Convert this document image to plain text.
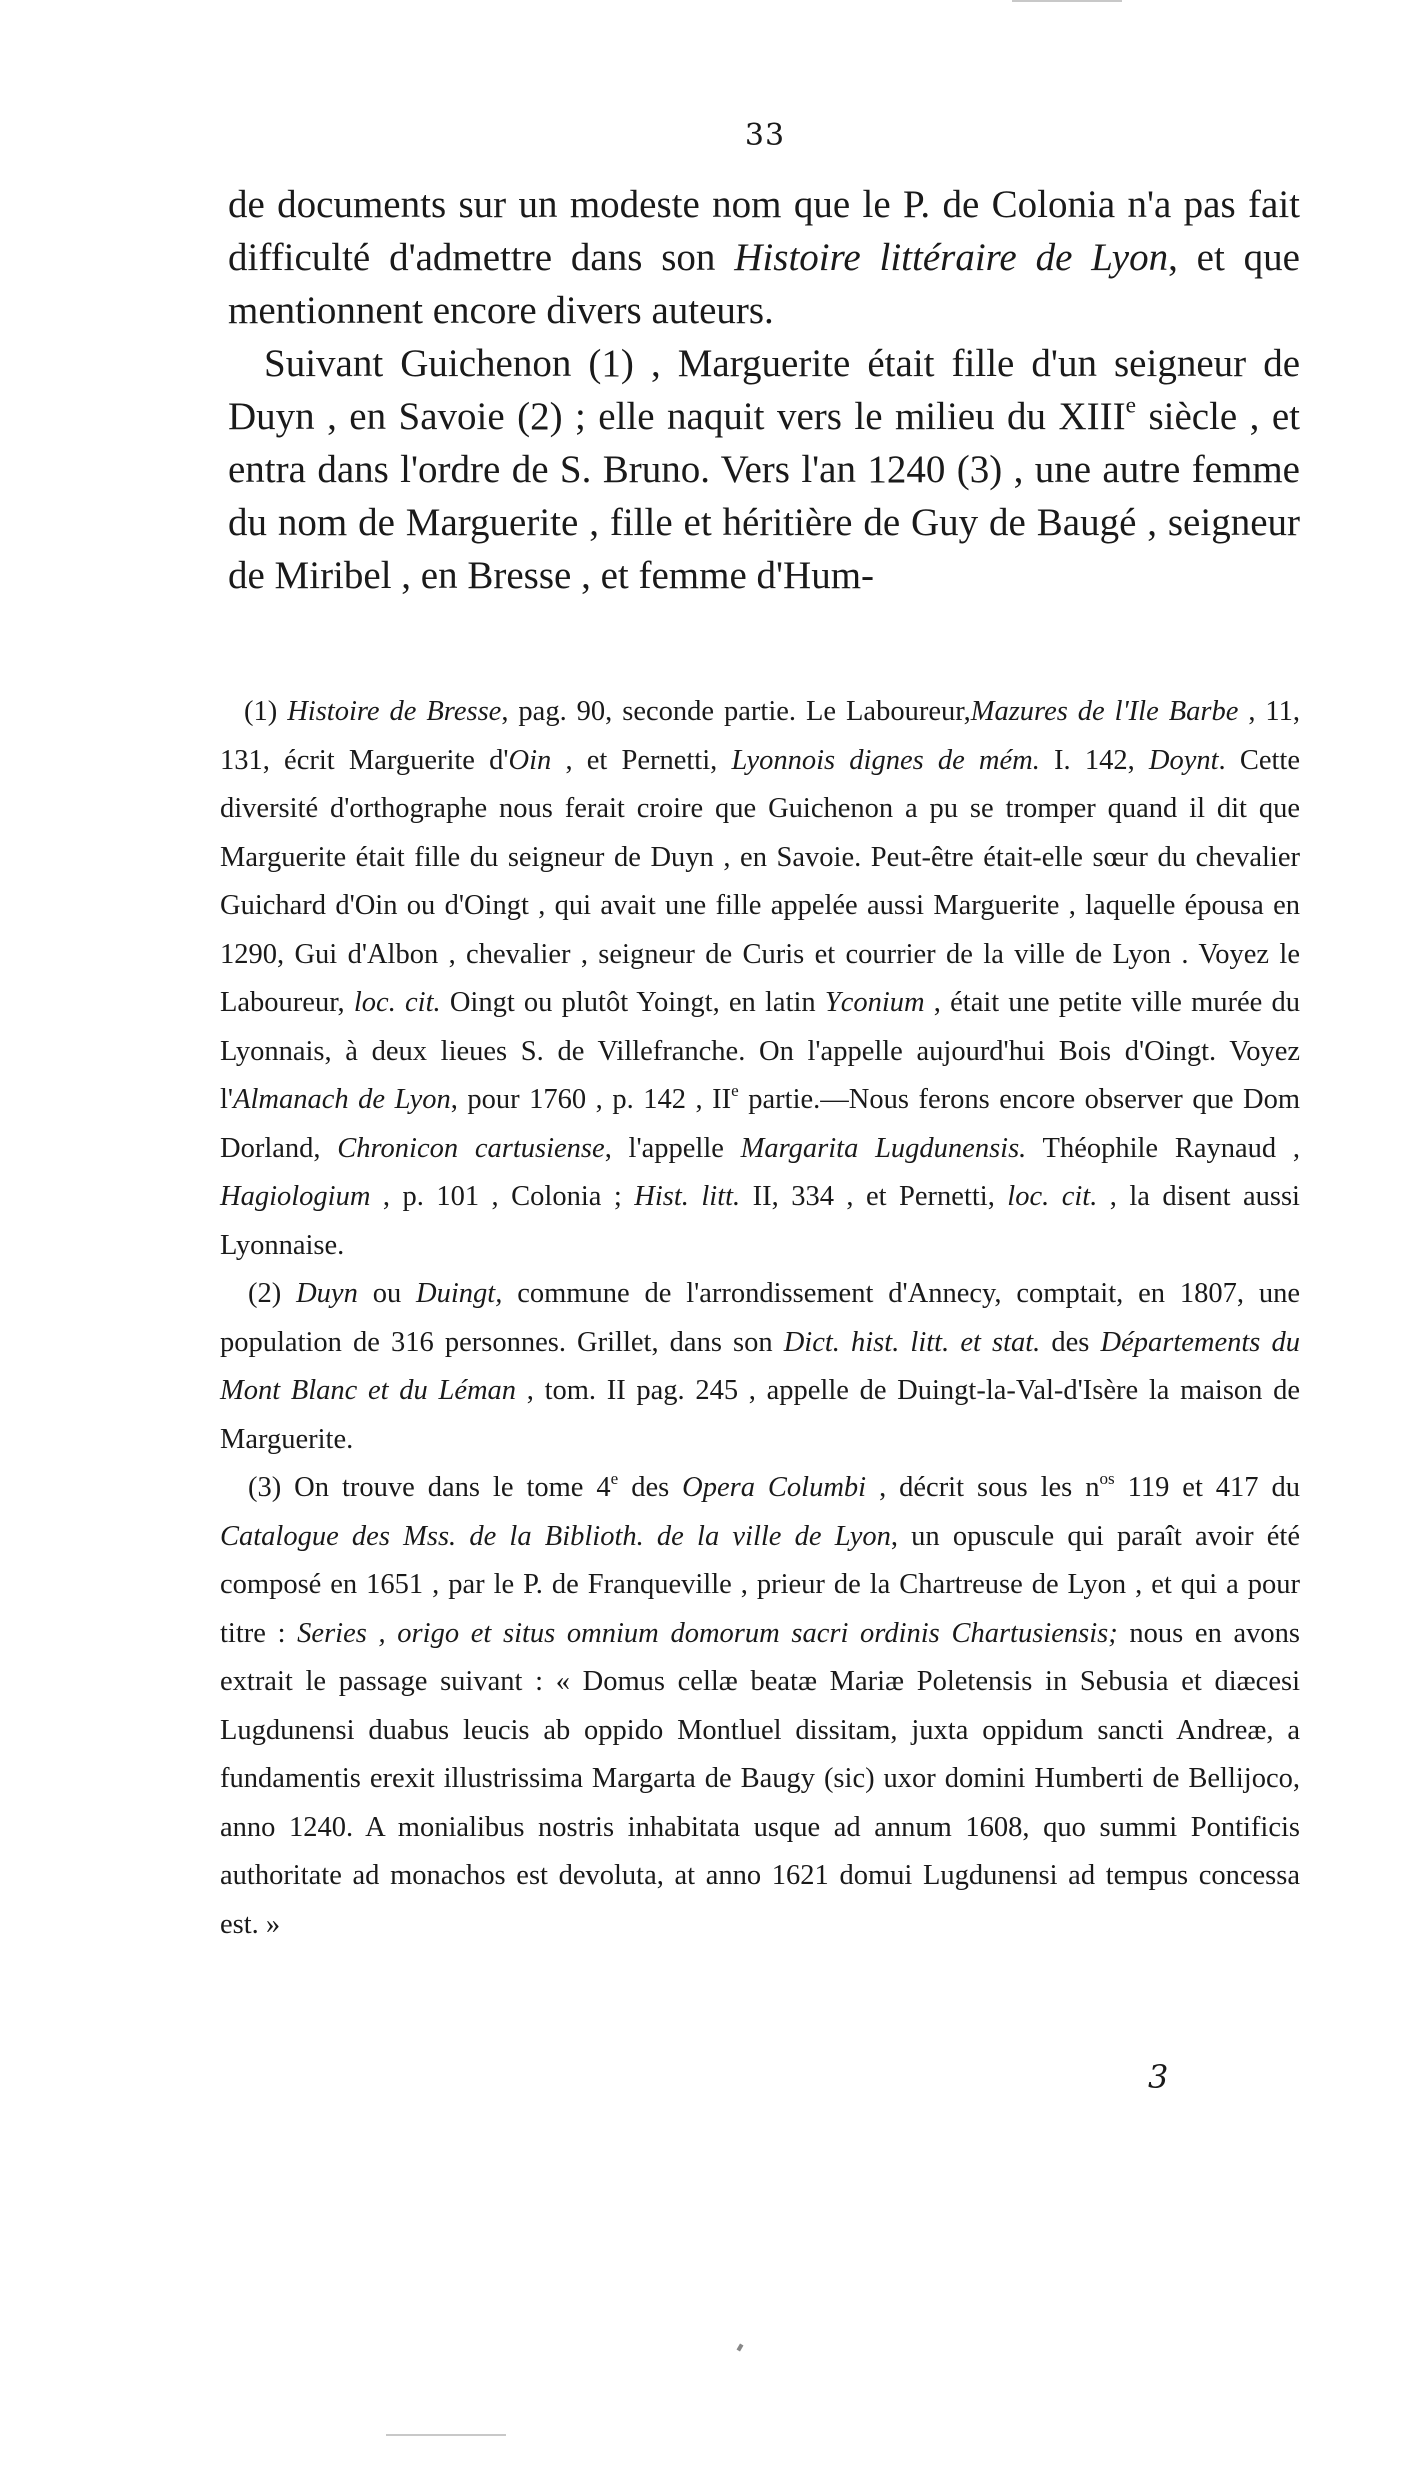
33

de documents sur un modeste nom que le P. de Colonia n'a pas fait difficulté d'admettre dans son Histoire littéraire de Lyon, et que mentionnent encore divers auteurs.

Suivant Guichenon (1) , Marguerite était fille d'un seigneur de Duyn , en Savoie (2) ; elle naquit vers le milieu du XIIIe siècle , et entra dans l'ordre de S. Bruno. Vers l'an 1240 (3) , une autre femme du nom de Marguerite , fille et héritière de Guy de Baugé , seigneur de Miribel , en Bresse , et femme d'Hum-

(1) Histoire de Bresse, pag. 90, seconde partie. Le Laboureur,Mazures de l'Ile Barbe , 11, 131, écrit Marguerite d'Oin , et Pernetti, Lyonnois dignes de mém. I. 142, Doynt. Cette diversité d'orthographe nous ferait croire que Guichenon a pu se tromper quand il dit que Marguerite était fille du seigneur de Duyn , en Savoie. Peut-être était-elle sœur du chevalier Guichard d'Oin ou d'Oingt , qui avait une fille appelée aussi Marguerite , laquelle épousa en 1290, Gui d'Albon , chevalier , seigneur de Curis et courrier de la ville de Lyon . Voyez le Laboureur, loc. cit. Oingt ou plutôt Yoingt, en latin Yconium , était une petite ville murée du Lyonnais, à deux lieues S. de Villefranche. On l'appelle aujourd'hui Bois d'Oingt. Voyez l'Almanach de Lyon, pour 1760 , p. 142 , IIe partie.—Nous ferons encore observer que Dom Dorland, Chronicon cartusiense, l'appelle Margarita Lugdunensis. Théophile Raynaud , Hagiologium , p. 101 , Colonia ; Hist. litt. II, 334 , et Pernetti, loc. cit. , la disent aussi Lyonnaise.

(2) Duyn ou Duingt, commune de l'arrondissement d'Annecy, comptait, en 1807, une population de 316 personnes. Grillet, dans son Dict. hist. litt. et stat. des Départements du Mont Blanc et du Léman , tom. II pag. 245 , appelle de Duingt-la-Val-d'Isère la maison de Marguerite.

(3) On trouve dans le tome 4e des Opera Columbi , décrit sous les $n^{os}$ 119 et 417 du Catalogue des Mss. de la Biblioth. de la ville de Lyon, un opuscule qui paraît avoir été composé en 1651 , par le P. de Franqueville , prieur de la Chartreuse de Lyon , et qui a pour titre : Series , origo et situs omnium domorum sacri ordinis Chartusiensis; nous en avons extrait le passage suivant : « Domus cellæ beatæ Mariæ Poletensis in Sebusia et diæcesi Lugdunensi duabus leucis ab oppido Montluel dissitam, juxta oppidum sancti Andreæ, a fundamentis erexit illustrissima Margarta de Baugy (sic) uxor domini Humberti de Bellijoco, anno 1240. A monialibus nostris inhabitata usque ad annum 1608, quo summi Pontificis authoritate ad monachos est devoluta, at anno 1621 domui Lugdunensi ad tempus concessa est. »

3
